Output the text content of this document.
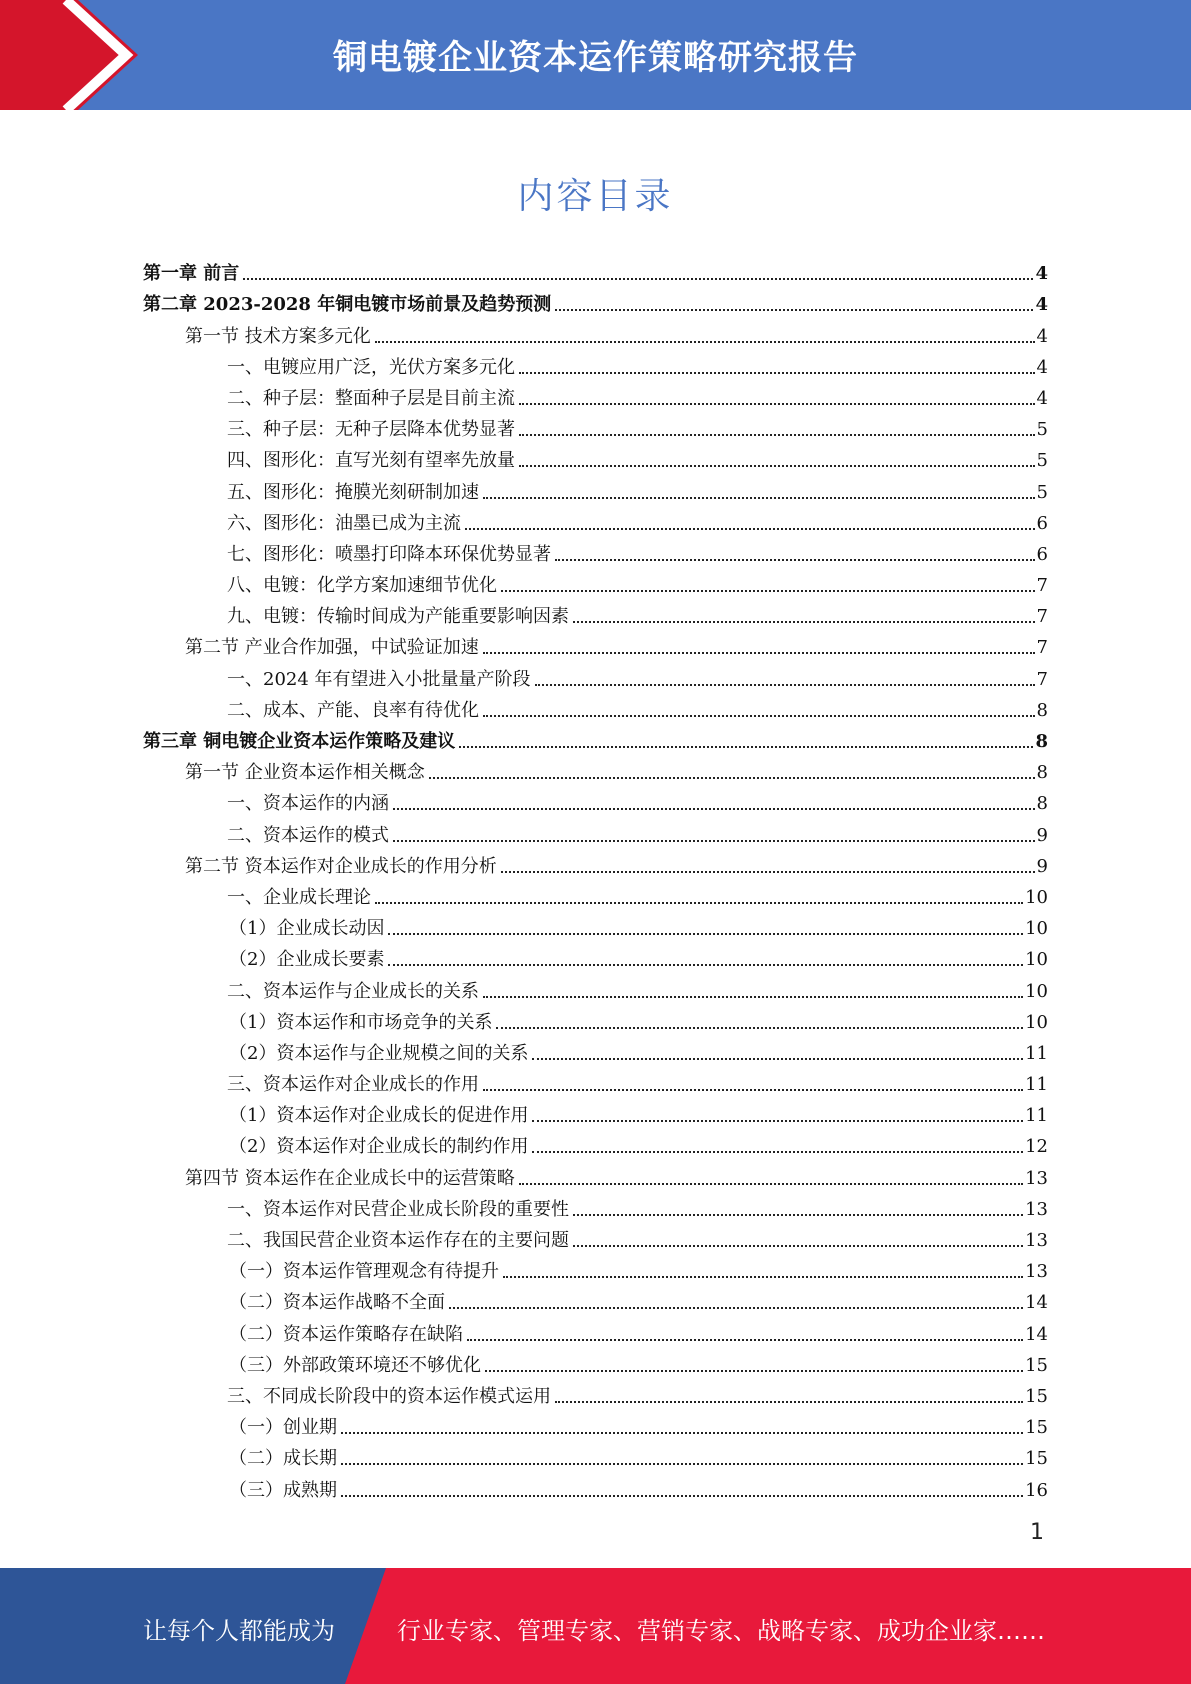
铜电镀企业资本运作策略研究报告
内容目录
第一章 前言	4
第二章 2023-2028 年铜电镀市场前景及趋势预测	4
第一节 技术方案多元化	4
一、电镀应用广泛，光伏方案多元化	4
二、种子层：整面种子层是目前主流	4
三、种子层：无种子层降本优势显著	5
四、图形化：直写光刻有望率先放量	5
五、图形化：掩膜光刻研制加速	5
六、图形化：油墨已成为主流	6
七、图形化：喷墨打印降本环保优势显著	6
八、电镀：化学方案加速细节优化	7
九、电镀：传输时间成为产能重要影响因素	7
第二节 产业合作加强，中试验证加速	7
一、2024 年有望进入小批量量产阶段	7
二、成本、产能、良率有待优化	8
第三章 铜电镀企业资本运作策略及建议	8
第一节 企业资本运作相关概念	8
一、资本运作的内涵	8
二、资本运作的模式	9
第二节 资本运作对企业成长的作用分析	9
一、企业成长理论	10
（1）企业成长动因	10
（2）企业成长要素	10
二、资本运作与企业成长的关系	10
（1）资本运作和市场竞争的关系	10
（2）资本运作与企业规模之间的关系	11
三、资本运作对企业成长的作用	11
（1）资本运作对企业成长的促进作用	11
（2）资本运作对企业成长的制约作用	12
第四节 资本运作在企业成长中的运营策略	13
一、资本运作对民营企业成长阶段的重要性	13
二、我国民营企业资本运作存在的主要问题	13
（一）资本运作管理观念有待提升	13
（二）资本运作战略不全面	14
（二）资本运作策略存在缺陷	14
（三）外部政策环境还不够优化	15
三、不同成长阶段中的资本运作模式运用	15
（一）创业期	15
（二）成长期	15
（三）成熟期	16
1
让每个人都能成为	行业专家、管理专家、营销专家、战略专家、成功企业家……
